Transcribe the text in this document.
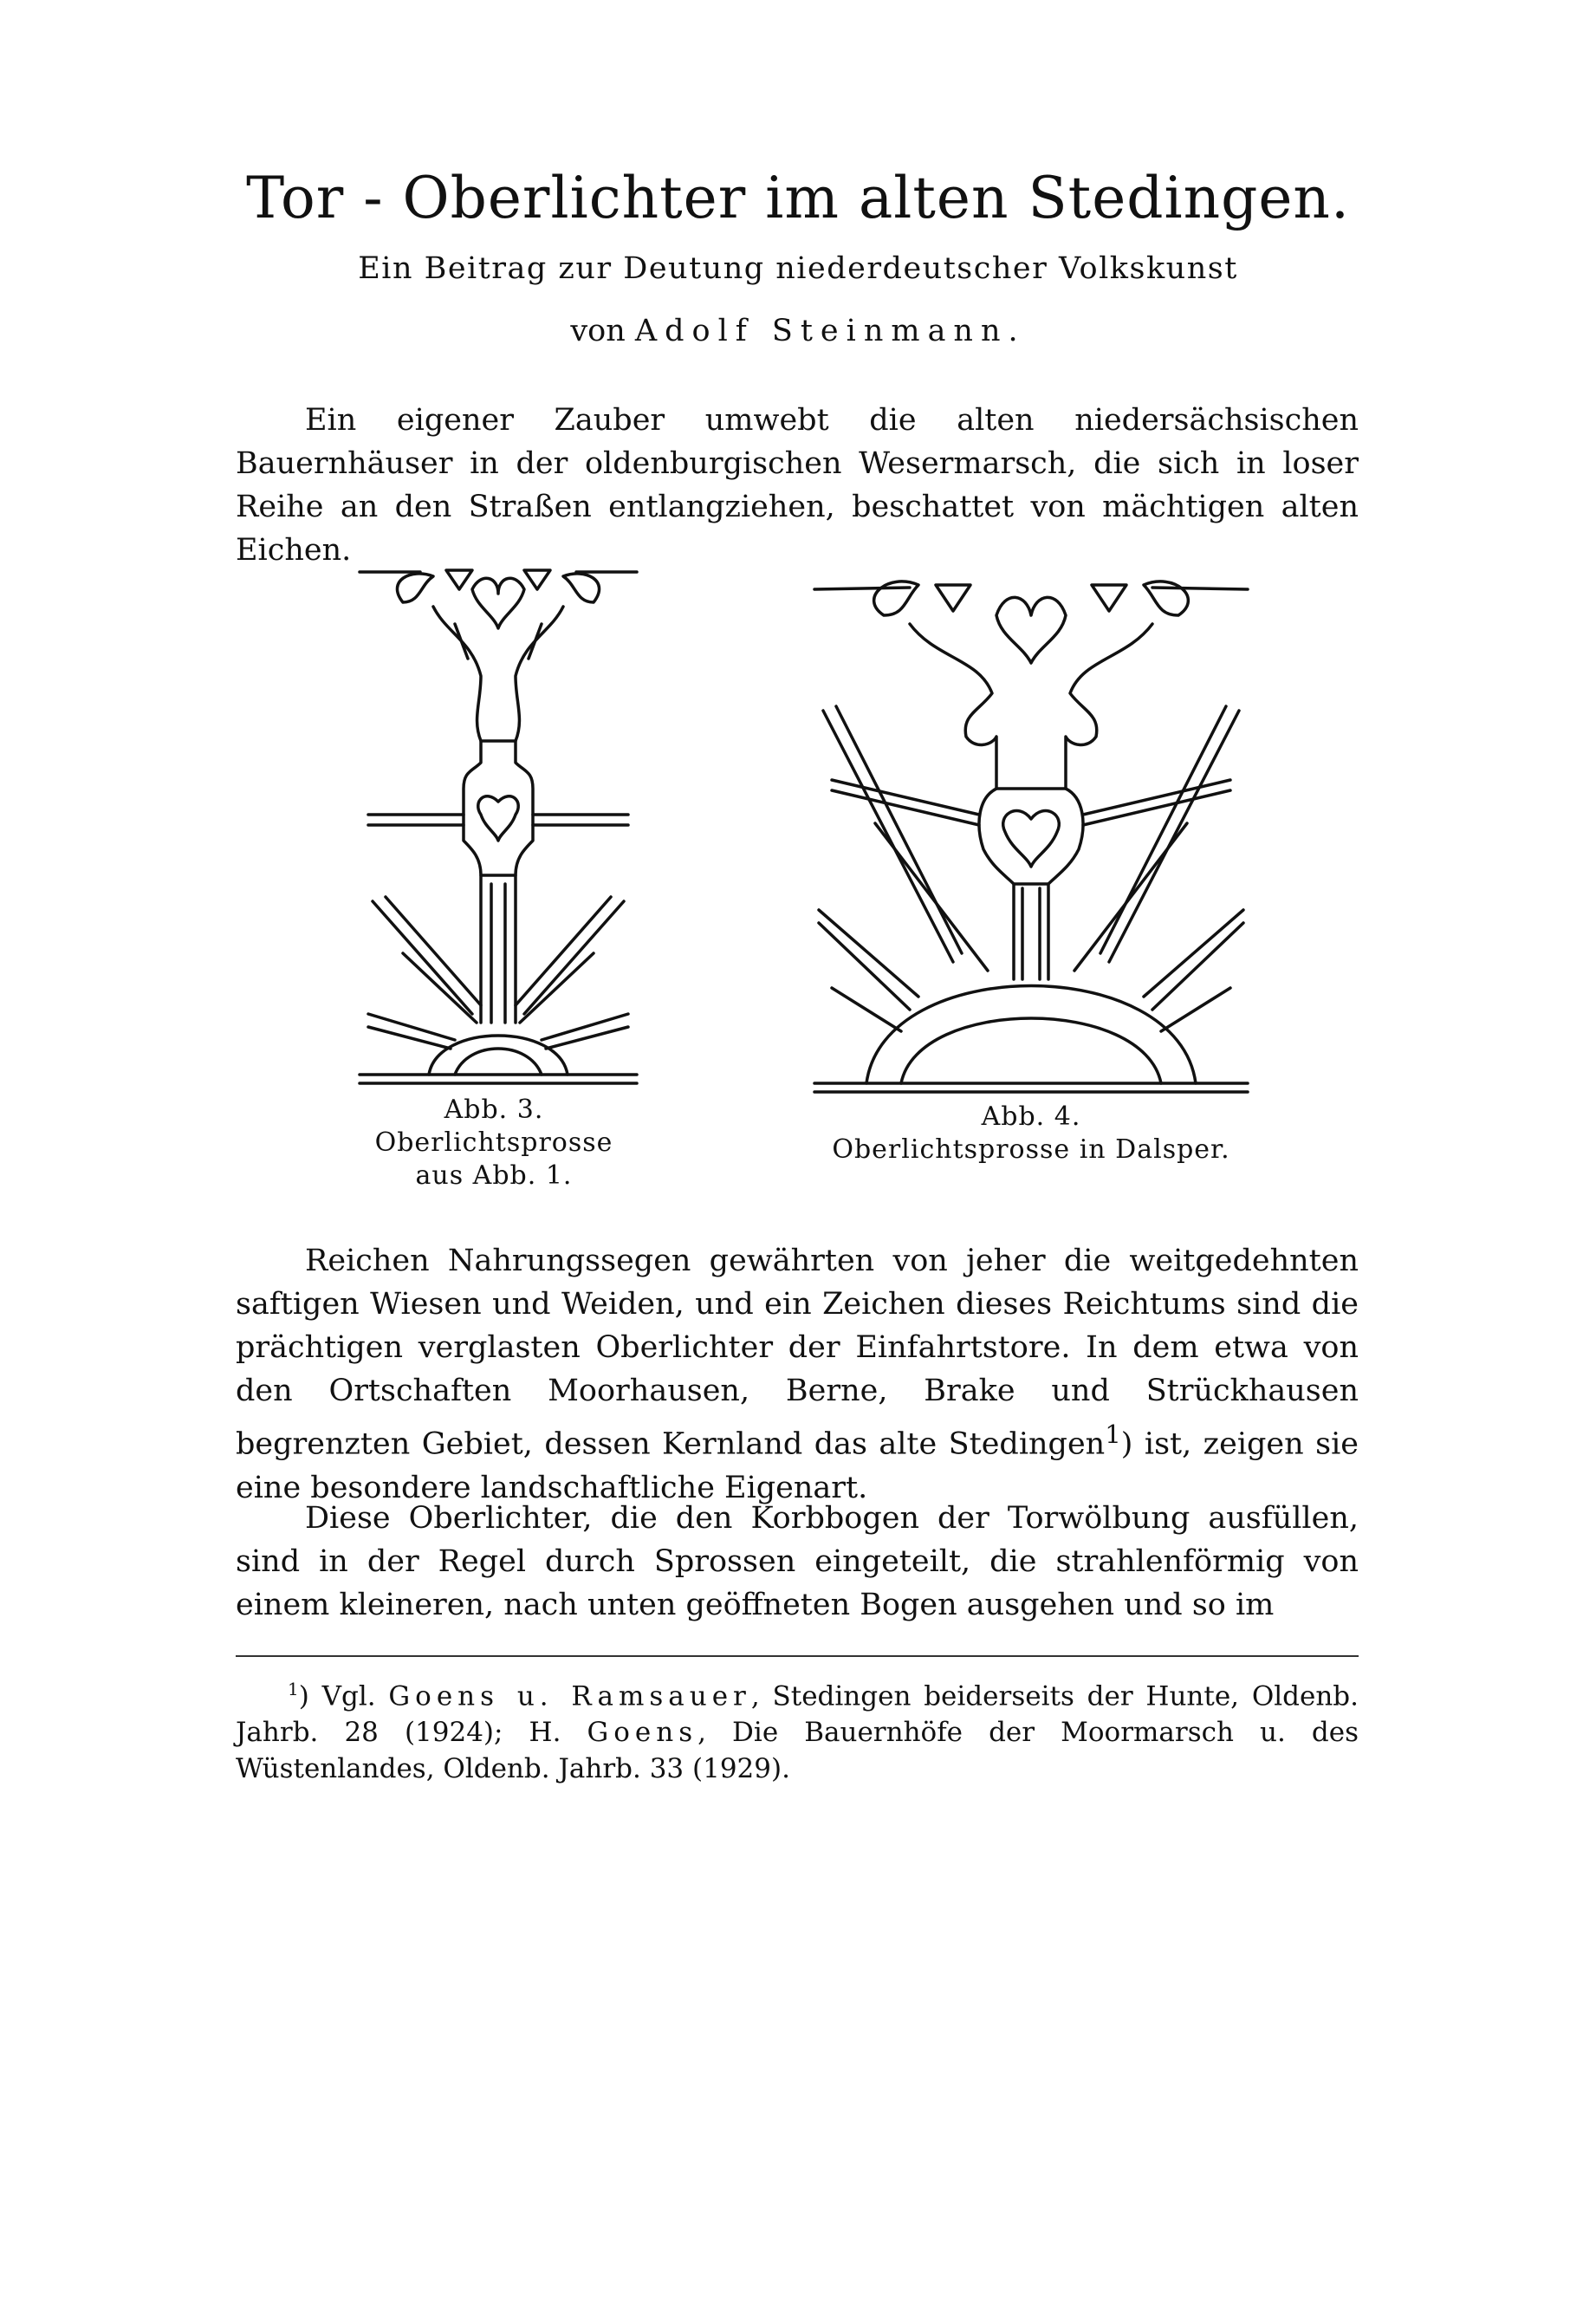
Tor - Oberlichter im alten Stedingen.
Ein Beitrag zur Deutung niederdeutscher Volkskunst
von Adolf Steinmann.

Ein eigener Zauber umwebt die alten niedersächsischen Bauernhäuser in der oldenburgischen Wesermarsch, die sich in loser Reihe an den Straßen entlangziehen, beschattet von mächtigen alten Eichen.

Abb. 3.
Oberlichtsprosse
aus Abb. 1.
Abb. 4.
Oberlichtsprosse in Dalsper.

Reichen Nahrungssegen gewährten von jeher die weitgedehnten saftigen Wiesen und Weiden, und ein Zeichen dieses Reichtums sind die prächtigen verglasten Oberlichter der Einfahrtstore. In dem etwa von den Ortschaften Moorhausen, Berne, Brake und Strückhausen begrenzten Gebiet, dessen Kernland das alte Stedingen$^1$) ist, zeigen sie eine besondere landschaftliche Eigenart.

Diese Oberlichter, die den Korbbogen der Torwölbung ausfüllen, sind in der Regel durch Sprossen eingeteilt, die strahlenförmig von einem kleineren, nach unten geöffneten Bogen ausgehen und so im

$^1$) Vgl. Goens u. Ramsauer, Stedingen beiderseits der Hunte, Oldenb. Jahrb. 28 (1924); H. Goens, Die Bauernhöfe der Moormarsch u. des Wüstenlandes, Oldenb. Jahrb. 33 (1929).
